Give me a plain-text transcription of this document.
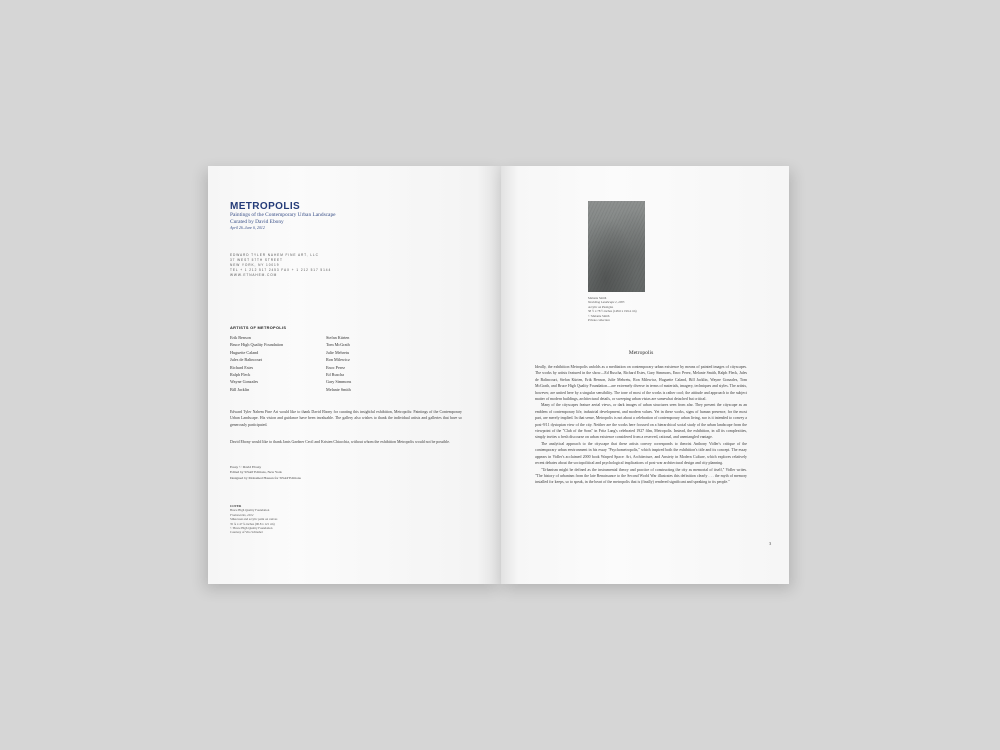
METROPOLIS
Paintings of the Contemporary Urban Landscape
Curated by David Ebony
April 26–June 6, 2012
EDWARD TYLER NAHEM FINE ART, LLC
37 WEST 57TH STREET
NEW YORK, NY 10019
TEL + 1 212 517 2453 FAX + 1 212 517 5144
WWW.ETNAHEM.COM
ARTISTS OF METROPOLIS
Erik Benson
Bruce High Quality Foundation
Huguette Caland
Jules de Balincourt
Richard Estes
Ralph Fleck
Wayne Gonzales
Bill Jacklin
Stefan Kürten
Tom McGrath
Julie Mehretu
Ron Milewicz
Enoc Perez
Ed Ruscha
Gary Simmons
Melanie Smith
Edward Tyler Nahem Fine Art would like to thank David Ebony for curating this insightful exhibition, Metropolis: Paintings of the Contemporary Urban Landscape. His vision and guidance have been invaluable. The gallery also wishes to thank the individual artists and galleries that have so generously participated.
David Ebony would like to thank Janis Gardner Cecil and Kristen Chiacchia, without whom the exhibition Metropolis would not be possible.
Essay © David Ebony
Edited by SNAP Editions, New York
Designed by Mohamed Hassan for SNAP Editions
COVER
Bruce High Quality Foundation
Frameworks, 2012
Silkscreen and acrylic paint on canvas
35 ¾ x 47 ¾ inches (90.8 x 121 cm)
© Bruce High Quality Foundation
Courtesy of Vito Schnabel
Melanie Smith
Vanishing Landscape 2, 2005
Acrylic on Plexiglas
58 ½ x 78 ½ inches (148.6 x 199.4 cm)
© Melanie Smith
Private collection
Metropolis
Ideally, the exhibition Metropolis unfolds as a meditation on contemporary urban existence by means of painted images of cityscapes. The works by artists featured in the show—Ed Ruscha, Richard Estes, Gary Simmons, Enoc Perez, Melanie Smith, Ralph Fleck, Jules de Balincourt, Stefan Kürten, Erik Benson, Julie Mehretu, Ron Milewicz, Huguette Caland, Bill Jacklin, Wayne Gonzales, Tom McGrath, and Bruce High Quality Foundation—are extremely diverse in terms of materials, imagery, techniques and styles. The artists, however, are united here by a singular sensibility. The tone of most of the works is rather cool; the attitude and approach to the subject matter of modern buildings, architectural details, or sweeping urban vistas are somewhat detached but critical.
Many of the cityscapes feature aerial views, or dark images of urban structures seen from afar. They present the cityscape as an emblem of contemporary life, industrial development, and modern values. Yet in these works, signs of human presence, for the most part, are merely implied. In that sense, Metropolis is not about a celebration of contemporary urban living, nor is it intended to convey a post-9/11 dystopian view of the city. Neither are the works here focused on a hierarchical social study of the urban landscape from the viewpoint of the "Club of the Sons" in Fritz Lang's celebrated 1927 film, Metropolis. Instead, the exhibition, in all its complexities, simply invites a fresh discourse on urban existence considered from a reserved, rational, and unentangled vantage.
The analytical approach to the cityscape that these artists convey corresponds to theorist Anthony Vidler's critique of the contemporary urban environment in his essay "Psychometropolis," which inspired both the exhibition's title and its concept. The essay appears in Vidler's acclaimed 2000 book Warped Space: Art, Architecture, and Anxiety in Modern Culture, which explores relatively recent debates about the sociopolitical and psychological implications of post-war architectural design and city planning.
"Urbanism might be defined as the instrumental theory and practice of constructing the city as memorial of itself," Vidler writes. "The history of urbanism from the late Renaissance to the Second World War illustrates this definition clearly . . . the myth of memory installed for keeps, so to speak, in the heart of the metropolis that is (finally) rendered significant and speaking to its people."
3
